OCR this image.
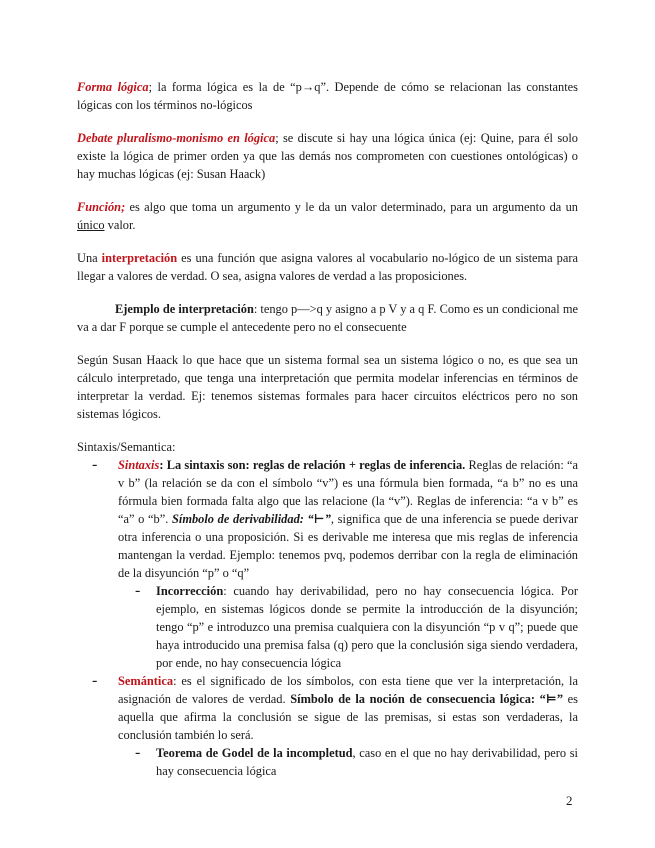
Forma lógica; la forma lógica es la de “p→q”. Depende de cómo se relacionan las constantes lógicas con los términos no-lógicos

Debate pluralismo-monismo en lógica; se discute si hay una lógica única (ej: Quine, para él solo existe la lógica de primer orden ya que las demás nos comprometen con cuestiones ontológicas) o hay muchas lógicas (ej: Susan Haack)

Función; es algo que toma un argumento y le da un valor determinado, para un argumento da un único valor.

Una interpretación es una función que asigna valores al vocabulario no-lógico de un sistema para llegar a valores de verdad. O sea, asigna valores de verdad a las proposiciones.

Ejemplo de interpretación: tengo p—>q y asigno a p V y a q F. Como es un condicional me va a dar F porque se cumple el antecedente pero no el consecuente

Según Susan Haack lo que hace que un sistema formal sea un sistema lógico o no, es que sea un cálculo interpretado, que tenga una interpretación que permita modelar inferencias en términos de interpretar la verdad. Ej: tenemos sistemas formales para hacer circuitos eléctricos pero no son sistemas lógicos.

Sintaxis/Semantica:

- Sintaxis: La sintaxis son: reglas de relación + reglas de inferencia. Reglas de relación: “a v b” (la relación se da con el símbolo “v”) es una fórmula bien formada, “a b” no es una fórmula bien formada falta algo que las relacione (la “v”). Reglas de inferencia: “a v b” es “a” o “b”. Símbolo de derivabilidad: “⊢”, significa que de una inferencia se puede derivar otra inferencia o una proposición. Si es derivable me interesa que mis reglas de inferencia mantengan la verdad. Ejemplo: tenemos pvq, podemos derribar con la regla de eliminación de la disyunción “p” o “q”

- Incorrección: cuando hay derivabilidad, pero no hay consecuencia lógica. Por ejemplo, en sistemas lógicos donde se permite la introducción de la disyunción; tengo “p” e introduzco una premisa cualquiera con la disyunción “p v q”; puede que haya introducido una premisa falsa (q) pero que la conclusión siga siendo verdadera, por ende, no hay consecuencia lógica

- Semántica: es el significado de los símbolos, con esta tiene que ver la interpretación, la asignación de valores de verdad. Símbolo de la noción de consecuencia lógica: “⊨” es aquella que afirma la conclusión se sigue de las premisas, si estas son verdaderas, la conclusión también lo será.

- Teorema de Godel de la incompletud, caso en el que no hay derivabilidad, pero si hay consecuencia lógica

2
